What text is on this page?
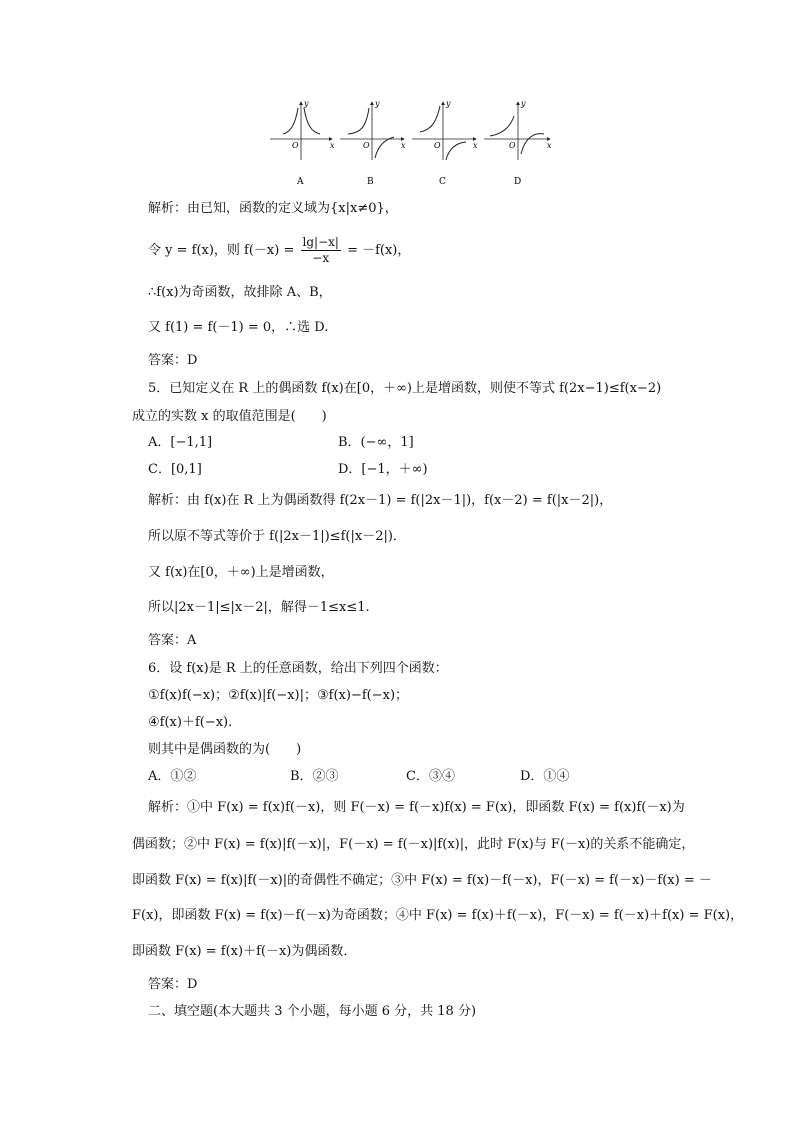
y
x
O
A
y
x
O
B
y
x
O
C
y
x
O
D
解析：由已知，函数的定义域为{x|x≠0}，
令 y = f(x)，则 $f(-x) = \frac{\lg|-x|}{-x} = -f(x)$，
∴f(x)为奇函数，故排除 A、B，
又 f(1) = f(－1) = 0，∴选 D.
答案：D
5．已知定义在 R 上的偶函数 f(x)在[0，＋∞)上是增函数，则使不等式 f(2x−1)≤f(x−2)
成立的实数 x 的取值范围是(　　)
A．[−1,1]	B．(−∞，1]
C．[0,1]	D．[−1，＋∞)
解析：由 f(x)在 R 上为偶函数得 f(2x－1) = f(|2x－1|)，f(x－2) = f(|x－2|)，
所以原不等式等价于 f(|2x－1|)≤f(|x－2|)．
又 f(x)在[0，＋∞)上是增函数，
所以|2x－1|≤|x－2|，解得－1≤x≤1.
答案：A
6．设 f(x)是 R 上的任意函数，给出下列四个函数：
①f(x)f(−x)；②f(x)|f(−x)|；③f(x)−f(−x)；
④f(x)＋f(−x)．
则其中是偶函数的为(　　)
A．①②	B．②③	C．③④	D．①④
解析：①中 F(x) = f(x)f(－x)，则 F(－x) = f(－x)f(x) = F(x)，即函数 F(x) = f(x)f(－x)为
偶函数；②中 F(x) = f(x)|f(－x)|，F(－x) = f(－x)|f(x)|，此时 F(x)与 F(－x)的关系不能确定，
即函数 F(x) = f(x)|f(－x)|的奇偶性不确定；③中 F(x) = f(x)－f(－x)，F(－x) = f(－x)－f(x) = －
F(x)，即函数 F(x) = f(x)－f(－x)为奇函数；④中 F(x) = f(x)＋f(－x)，F(－x) = f(－x)＋f(x) = F(x)，
即函数 F(x) = f(x)＋f(－x)为偶函数．
答案：D
二、填空题(本大题共 3 个小题，每小题 6 分，共 18 分)
